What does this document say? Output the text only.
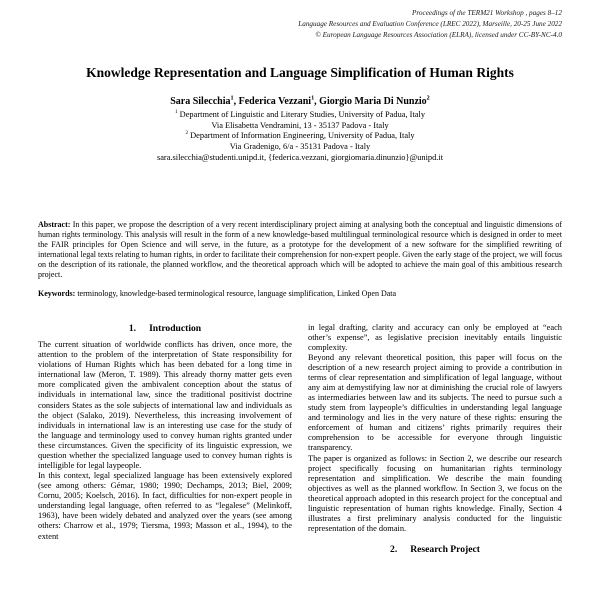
Proceedings of the TERM21 Workshop , pages 8–12
Language Resources and Evaluation Conference (LREC 2022), Marseille, 20-25 June 2022
© European Language Resources Association (ELRA), licensed under CC-BY-NC-4.0
Knowledge Representation and Language Simplification of Human Rights
Sara Silecchia$^1$, Federica Vezzani$^1$, Giorgio Maria Di Nunzio$^2$
$^1$ Department of Linguistic and Literary Studies, University of Padua, Italy
Via Elisabetta Vendramini, 13 - 35137 Padova - Italy
$^2$ Department of Information Engineering, University of Padua, Italy
Via Gradenigo, 6/a - 35131 Padova - Italy
sara.silecchia@studenti.unipd.it, {federica.vezzani, giorgiomaria.dinunzio}@unipd.it
Abstract: In this paper, we propose the description of a very recent interdisciplinary project aiming at analysing both the conceptual and linguistic dimensions of human rights terminology. This analysis will result in the form of a new knowledge-based multilingual terminological resource which is designed in order to meet the FAIR principles for Open Science and will serve, in the future, as a prototype for the development of a new software for the simplified rewriting of international legal texts relating to human rights, in order to facilitate their comprehension for non-expert people. Given the early stage of the project, we will focus on the description of its rationale, the planned workflow, and the theoretical approach which will be adopted to achieve the main goal of this ambitious research project.
Keywords: terminology, knowledge-based terminological resource, language simplification, Linked Open Data
1. Introduction

The current situation of worldwide conflicts has driven, once more, the attention to the problem of the interpretation of State responsibility for violations of Human Rights which has been debated for a long time in international law (Meron, T. 1989). This already thorny matter gets even more complicated given the ambivalent conception about the status of individuals in international law, since the traditional positivist doctrine considers States as the sole subjects of international law and individuals as the object (Salako, 2019). Nevertheless, this increasing involvement of individuals in international law is an interesting use case for the study of the language and terminology used to convey human rights granted under these circumstances. Given the specificity of its linguistic expression, we question whether the specialized language used to convey human rights is intelligible for legal laypeople.

In this context, legal specialized language has been extensively explored (see among others: Gémar, 1980; 1990; Dechamps, 2013; Biel, 2009; Cornu, 2005; Koelsch, 2016). In fact, difficulties for non-expert people in understanding legal language, often referred to as “legalese” (Melinkoff, 1963), have been widely debated and analyzed over the years (see among others: Charrow et al., 1979; Tiersma, 1993; Masson et al., 1994), to the extent

in legal drafting, clarity and accuracy can only be employed at “each other’s expense”, as legislative precision inevitably entails linguistic complexity.

Beyond any relevant theoretical position, this paper will focus on the description of a new research project aiming to provide a contribution in terms of clear representation and simplification of legal language, without any aim at demystifying law nor at diminishing the crucial role of lawyers as intermediaries between law and its subjects. The need to pursue such a study stem from laypeople’s difficulties in understanding legal language and terminology and lies in the very nature of these rights: ensuring the enforcement of human and citizens’ rights primarily requires their comprehension to be accessible for everyone through linguistic transparency.

The paper is organized as follows: in Section 2, we describe our research project specifically focusing on humanitarian rights terminology representation and simplification. We describe the main founding objectives as well as the planned workflow. In Section 3, we focus on the theoretical approach adopted in this research project for the conceptual and linguistic representation of human rights knowledge. Finally, Section 4 illustrates a first preliminary analysis conducted for the linguistic representation of the domain.

2. Research Project
